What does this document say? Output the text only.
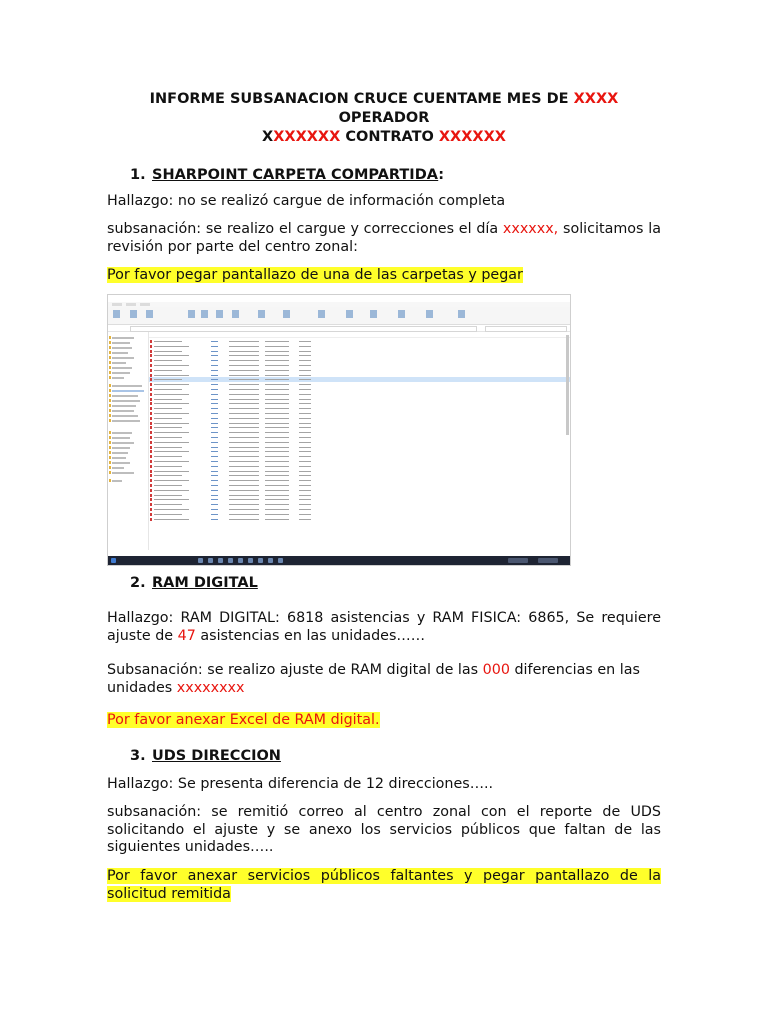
INFORME SUBSANACION CRUCE CUENTAME MES DE XXXX OPERADOR
XXXXXXX CONTRATO XXXXXX
1. SHARPOINT CARPETA COMPARTIDA:
Hallazgo: no se realizó cargue de información completa
subsanación: se realizo el cargue y correcciones el día xxxxxx, solicitamos la revisión por parte del centro zonal:
Por favor pegar pantallazo de una de las carpetas y pegar
2. RAM DIGITAL
Hallazgo: RAM DIGITAL: 6818 asistencias y RAM FISICA: 6865, Se requiere ajuste de 47 asistencias en las unidades……
Subsanación: se realizo ajuste de RAM digital de las 000 diferencias en las unidades xxxxxxxx
Por favor anexar Excel de RAM digital.
3. UDS DIRECCION
Hallazgo: Se presenta diferencia de 12 direcciones…..
subsanación: se remitió correo al centro zonal con el reporte de UDS solicitando el ajuste y se anexo los servicios públicos que faltan de las siguientes unidades…..
Por favor anexar servicios públicos faltantes y pegar pantallazo de la solicitud remitida
